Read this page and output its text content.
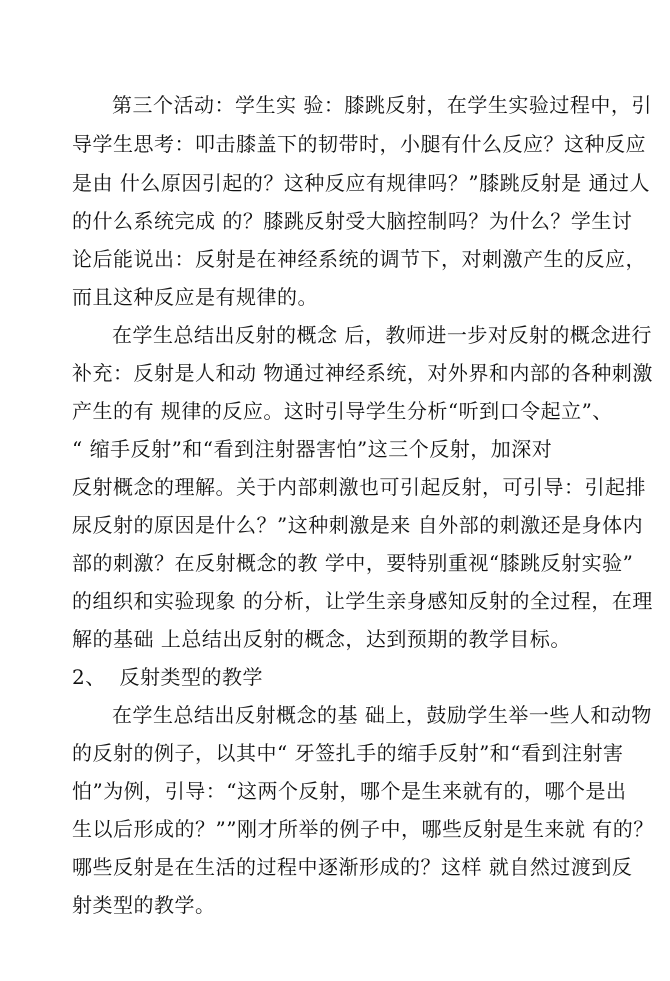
第三个活动：学生实 验：膝跳反射，在学生实验过程中，引
导学生思考：叩击膝盖下的韧带时，小腿有什么反应？这种反应
是由 什么原因引起的？这种反应有规律吗？”膝跳反射是 通过人
的什么系统完成 的？膝跳反射受大脑控制吗？为什么？学生讨
论后能说出：反射是在神经系统的调节下，对刺激产生的反应，
而且这种反应是有规律的。
在学生总结出反射的概念 后，教师进一步对反射的概念进行
补充：反射是人和动 物通过神经系统，对外界和内部的各种刺激
产生的有 规律的反应。这时引导学生分析“听到口令起立”、
“ 缩手反射”和“看到注射器害怕”这三个反射，加深对
反射概念的理解。关于内部刺激也可引起反射，可引导：引起排
尿反射的原因是什么？”这种刺激是来 自外部的刺激还是身体内
部的刺激？在反射概念的教 学中，要特别重视“膝跳反射实验”
的组织和实验现象 的分析，让学生亲身感知反射的全过程，在理
解的基础 上总结出反射的概念，达到预期的教学目标。
2、  反射类型的教学
在学生总结出反射概念的基 础上，鼓励学生举一些人和动物
的反射的例子，以其中“ 牙签扎手的缩手反射”和“看到注射害
怕”为例，引导：“这两个反射，哪个是生来就有的，哪个是出
生以后形成的？””刚才所举的例子中，哪些反射是生来就 有的？
哪些反射是在生活的过程中逐渐形成的？这样 就自然过渡到反
射类型的教学。
